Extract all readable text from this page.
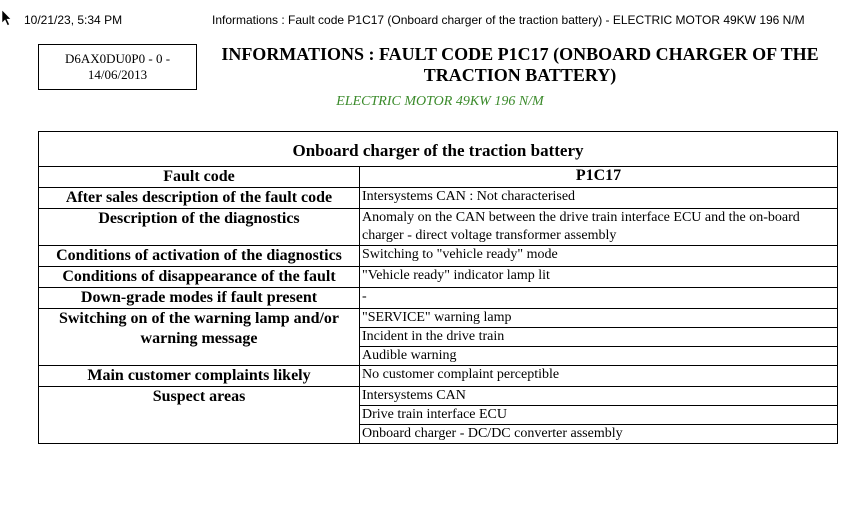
10/21/23, 5:34 PM	Informations : Fault code P1C17 (Onboard charger of the traction battery) - ELECTRIC MOTOR 49KW 196 N/M
D6AX0DU0P0 - 0 -
14/06/2013
INFORMATIONS : FAULT CODE P1C17 (ONBOARD CHARGER OF THE
TRACTION BATTERY)
ELECTRIC MOTOR 49KW 196 N/M
Onboard charger of the traction battery	
Fault code	P1C17
After sales description of the fault code	Intersystems CAN : Not characterised
Description of the diagnostics	Anomaly on the CAN between the drive train interface ECU and the on-board charger - direct voltage transformer assembly
Conditions of activation of the diagnostics	Switching to "vehicle ready" mode
Conditions of disappearance of the fault	"Vehicle ready" indicator lamp lit
Down-grade modes if fault present	-
Switching on of the warning lamp and/or warning message	"SERVICE" warning lamp
	Incident in the drive train
	Audible warning
Main customer complaints likely	No customer complaint perceptible
Suspect areas	Intersystems CAN
	Drive train interface ECU
	Onboard charger - DC/DC converter assembly
